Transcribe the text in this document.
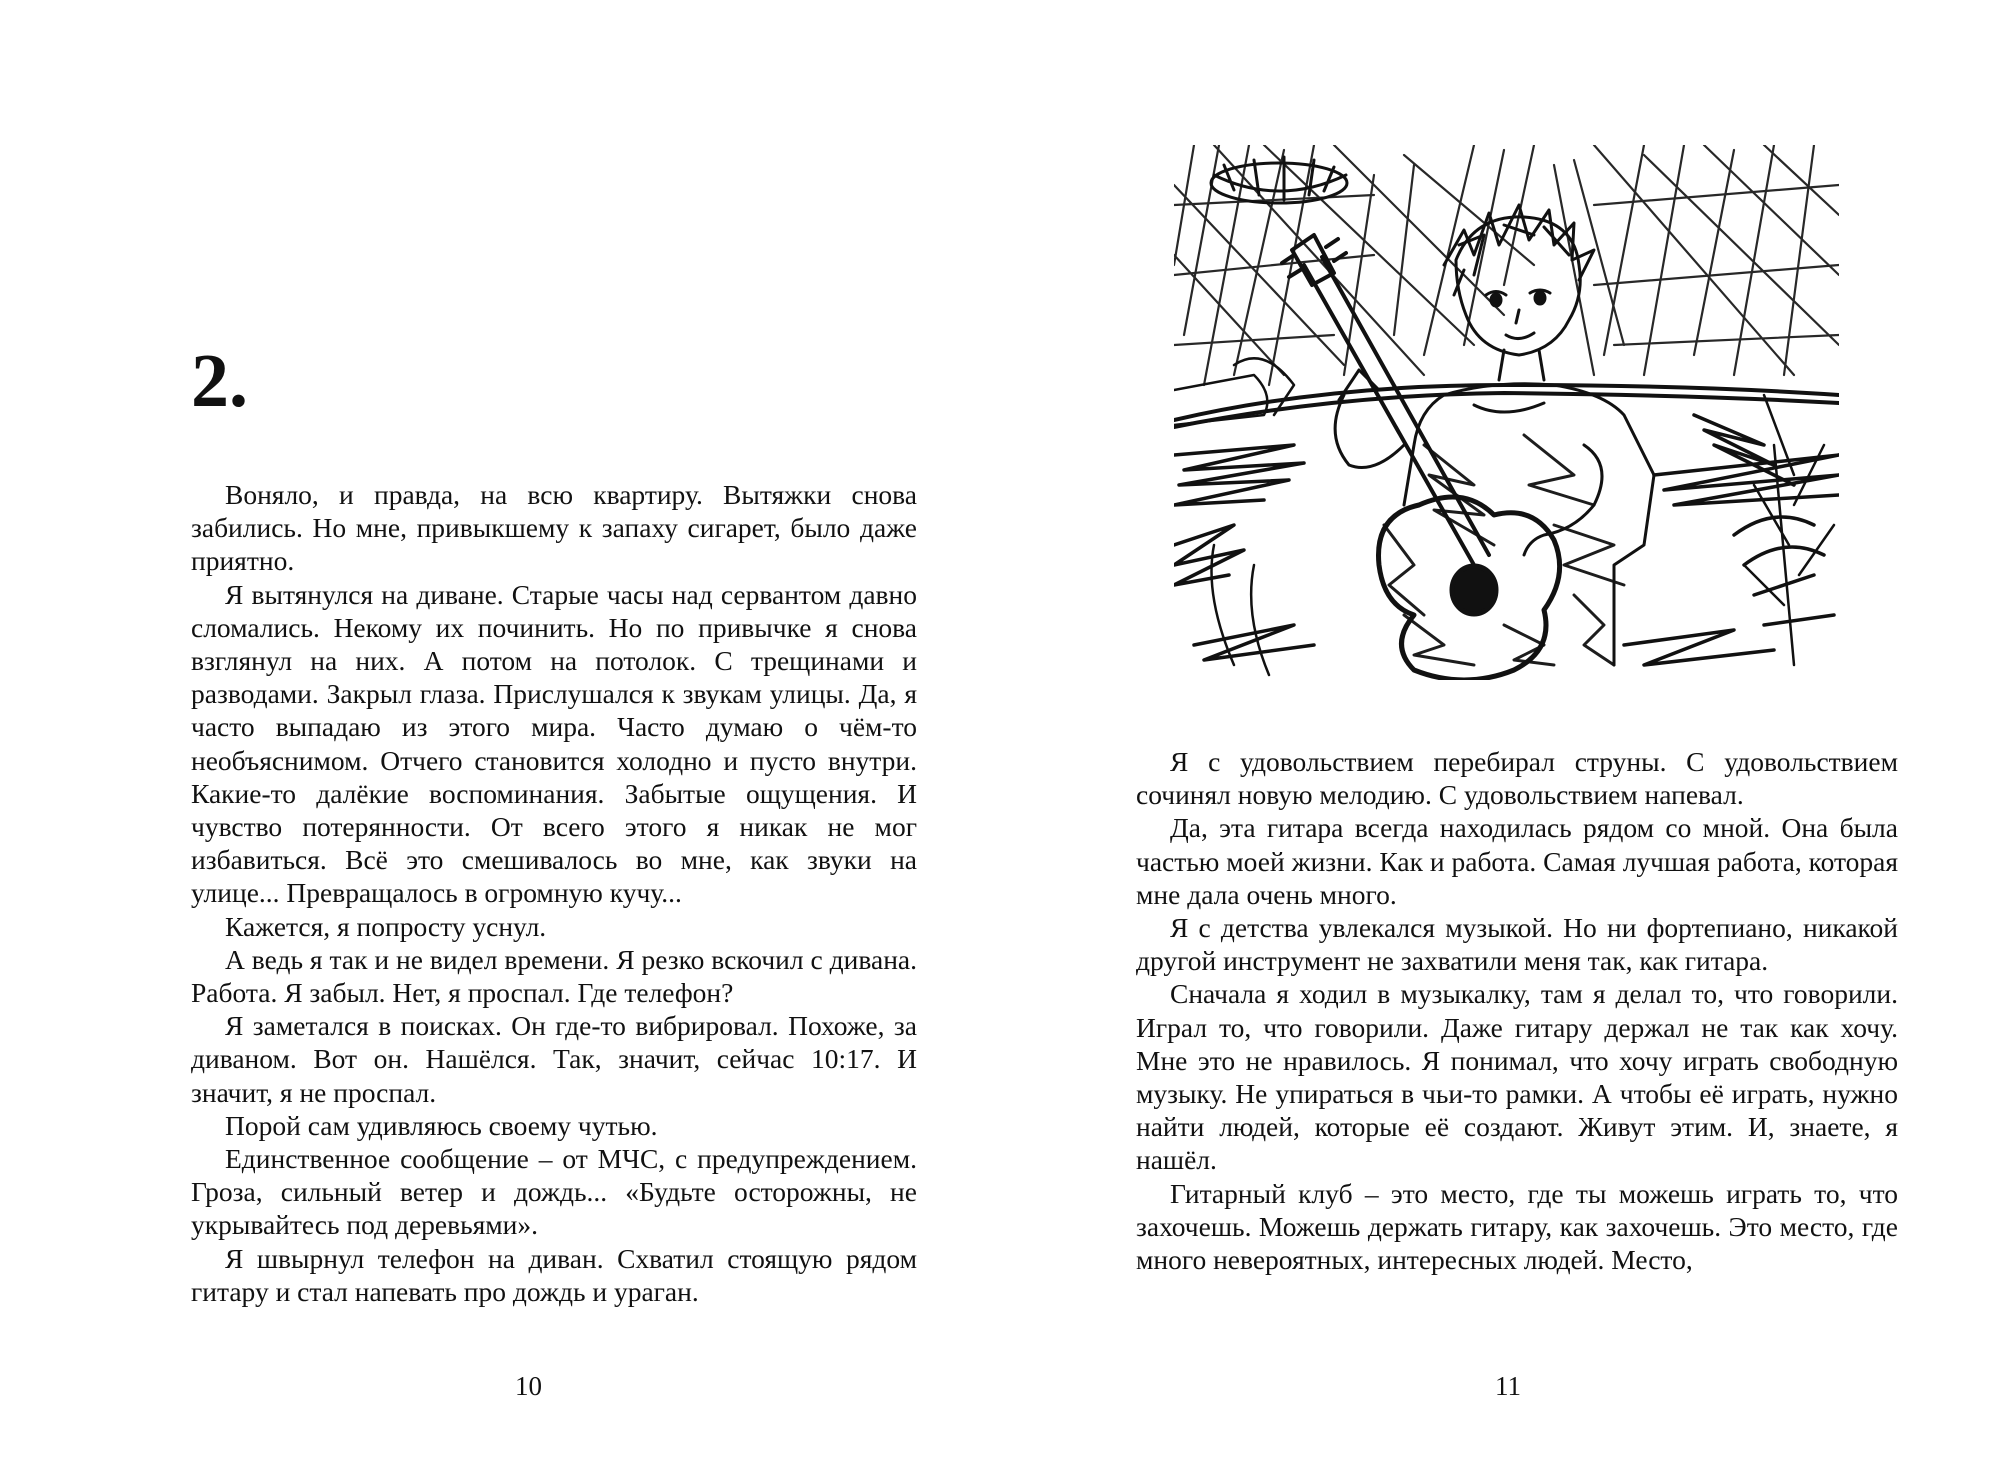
2.

Воняло, и правда, на всю квартиру. Вытяжки снова забились. Но мне, привыкшему к запаху сигарет, было даже приятно.

Я вытянулся на диване. Старые часы над сервантом давно сломались. Некому их починить. Но по привычке я снова взглянул на них. А потом на потолок. С трещинами и разводами. Закрыл глаза. Прислушался к звукам улицы. Да, я часто выпадаю из этого мира. Часто думаю о чём-то необъяснимом. Отчего становится холодно и пусто внутри. Какие-то далёкие воспоминания. Забытые ощущения. И чувство потерянности. От всего этого я никак не мог избавиться. Всё это смешивалось во мне, как звуки на улице... Превращалось в огромную кучу...

Кажется, я попросту уснул.

А ведь я так и не видел времени. Я резко вскочил с дивана. Работа. Я забыл. Нет, я проспал. Где телефон?

Я заметался в поисках. Он где-то вибрировал. Похоже, за диваном. Вот он. Нашёлся. Так, значит, сейчас 10:17. И значит, я не проспал.

Порой сам удивляюсь своему чутью.

Единственное сообщение – от МЧС, с предупреждением. Гроза, сильный ветер и дождь... «Будьте осторожны, не укрывайтесь под деревьями».

Я швырнул телефон на диван. Схватил стоящую рядом гитару и стал напевать про дождь и ураган.

10

Я с удовольствием перебирал струны. С удовольствием сочинял новую мелодию. С удовольствием напевал.

Да, эта гитара всегда находилась рядом со мной. Она была частью моей жизни. Как и работа. Самая лучшая работа, которая мне дала очень много.

Я с детства увлекался музыкой. Но ни фортепиано, никакой другой инструмент не захватили меня так, как гитара.

Сначала я ходил в музыкалку, там я делал то, что говорили. Играл то, что говорили. Даже гитару держал не так как хочу. Мне это не нравилось. Я понимал, что хочу играть свободную музыку. Не упираться в чьи-то рамки. А чтобы её играть, нужно найти людей, которые её создают. Живут этим. И, знаете, я нашёл.

Гитарный клуб – это место, где ты можешь играть то, что захочешь. Можешь держать гитару, как захочешь. Это место, где много невероятных, интересных людей. Место,

11
